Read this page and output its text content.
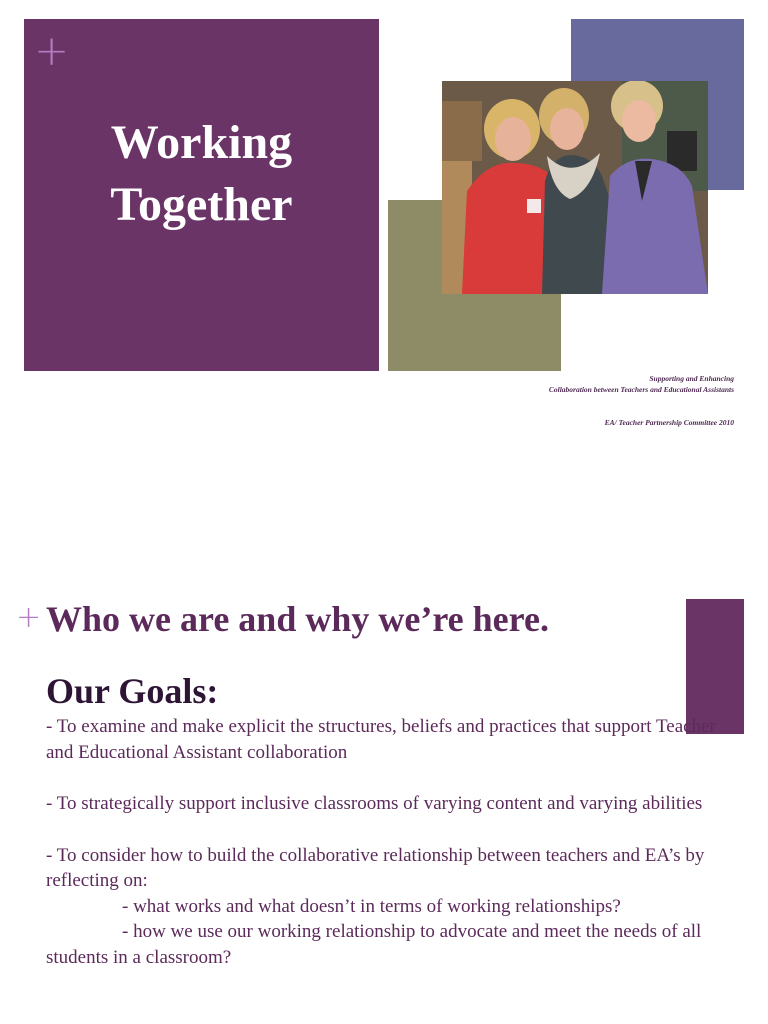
+
Working
Together
Supporting and Enhancing
Collaboration between Teachers and Educational Assistants
EA/ Teacher Partnership Committee 2010
+ Who we are and why we’re here.
Our Goals:

- To examine and make explicit the structures, beliefs and practices that support Teacher and Educational Assistant collaboration

- To strategically support inclusive classrooms of varying content and varying abilities

- To consider how to build the collaborative relationship between teachers and EA’s by reflecting on:

- what works and what doesn’t in terms of working relationships?

- how we use our working relationship to advocate and meet the needs of all students in a classroom?
